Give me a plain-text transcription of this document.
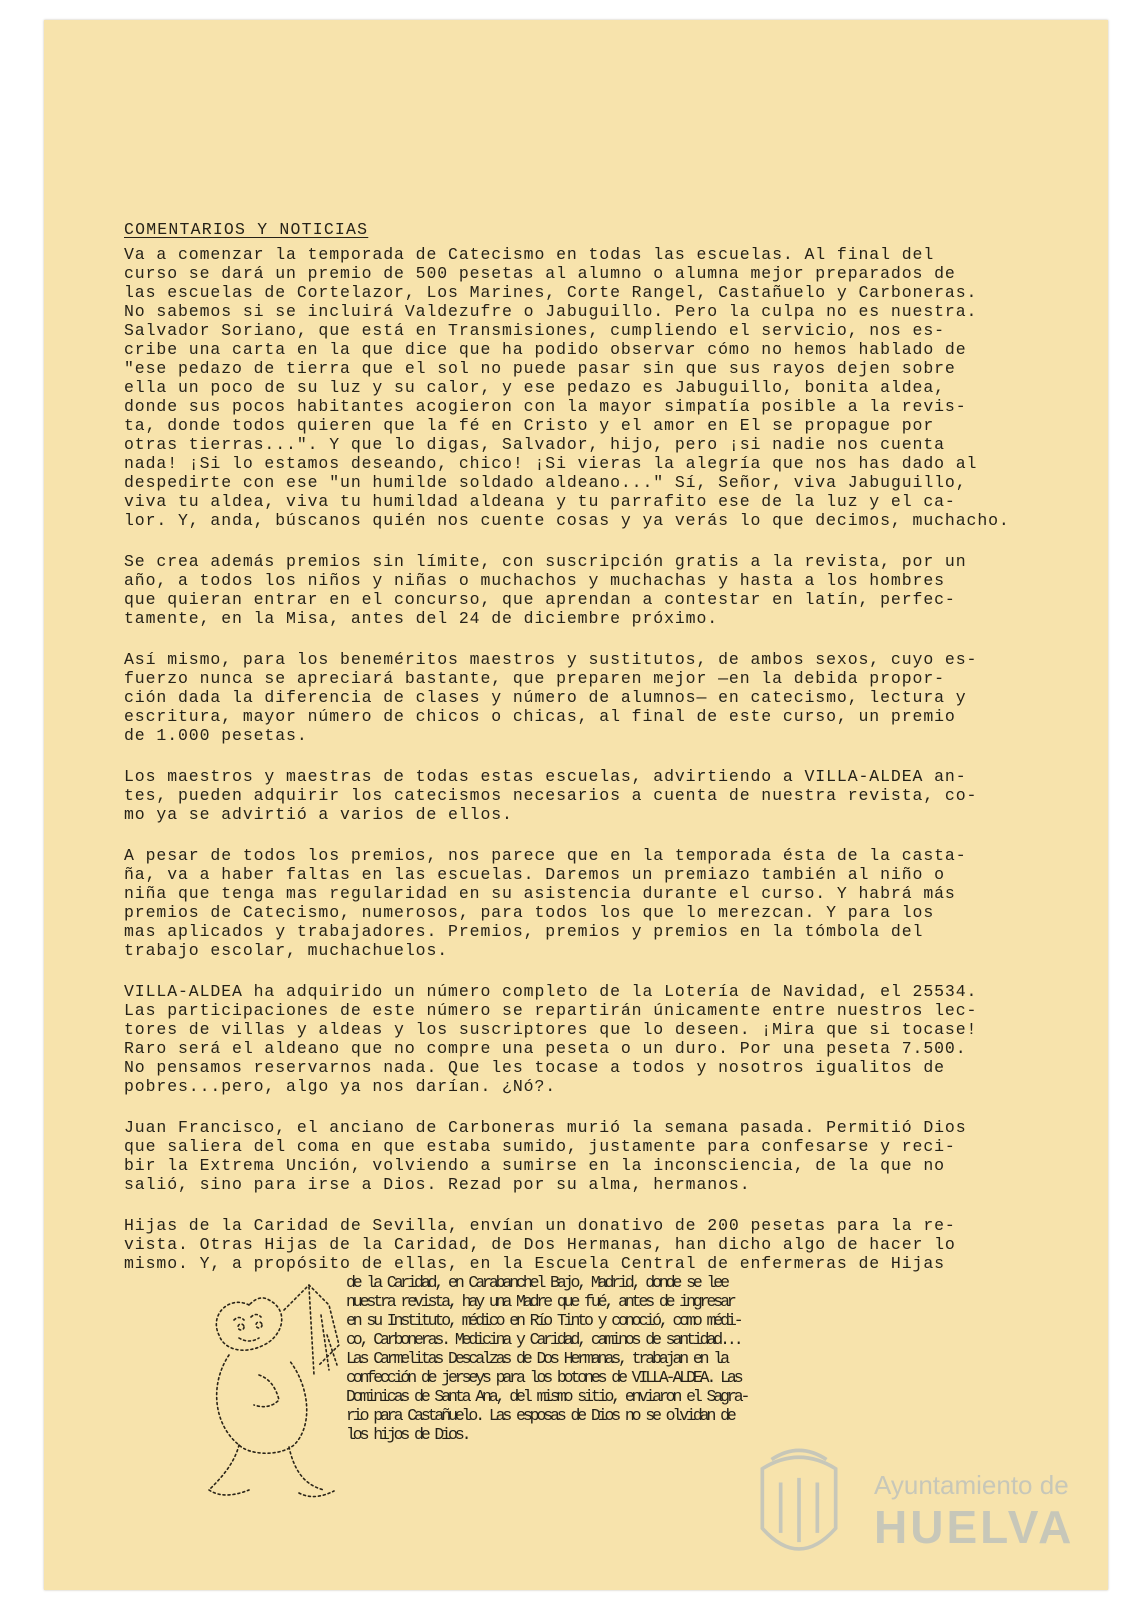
COMENTARIOS Y NOTICIAS
Va a comenzar la temporada de Catecismo en todas las escuelas. Al final del
curso se dará un premio de 500 pesetas al alumno o alumna mejor preparados de
las escuelas de Cortelazor, Los Marines, Corte Rangel, Castañuelo y Carboneras.
No sabemos si se incluirá Valdezufre o Jabuguillo. Pero la culpa no es nuestra.
Salvador Soriano, que está en Transmisiones, cumpliendo el servicio, nos es-
cribe una carta en la que dice que ha podido observar cómo no hemos hablado de
"ese pedazo de tierra que el sol no puede pasar sin que sus rayos dejen sobre
ella un poco de su luz y su calor, y ese pedazo es Jabuguillo, bonita aldea,
donde sus pocos habitantes acogieron con la mayor simpatía posible a la revis-
ta, donde todos quieren que la fé en Cristo y el amor en El se propague por
otras tierras...". Y que lo digas, Salvador, hijo, pero ¡si nadie nos cuenta
nada! ¡Si lo estamos deseando, chico! ¡Si vieras la alegría que nos has dado al
despedirte con ese "un humilde soldado aldeano..." Sí, Señor, viva Jabuguillo,
viva tu aldea, viva tu humildad aldeana y tu parrafito ese de la luz y el ca-
lor. Y, anda, búscanos quién nos cuente cosas y ya verás lo que decimos, muchacho.
Se crea además premios sin límite, con suscripción gratis a la revista, por un
año, a todos los niños y niñas o muchachos y muchachas y hasta a los hombres
que quieran entrar en el concurso, que aprendan a contestar en latín, perfec-
tamente, en la Misa, antes del 24 de diciembre próximo.
Así mismo, para los beneméritos maestros y sustitutos, de ambos sexos, cuyo es-
fuerzo nunca se apreciará bastante, que preparen mejor —en la debida propor-
ción dada la diferencia de clases y número de alumnos— en catecismo, lectura y
escritura, mayor número de chicos o chicas, al final de este curso, un premio
de 1.000 pesetas.
Los maestros y maestras de todas estas escuelas, advirtiendo a VILLA-ALDEA an-
tes, pueden adquirir los catecismos necesarios a cuenta de nuestra revista, co-
mo ya se advirtió a varios de ellos.
A pesar de todos los premios, nos parece que en la temporada ésta de la casta-
ña, va a haber faltas en las escuelas. Daremos un premiazo también al niño o
niña que tenga mas regularidad en su asistencia durante el curso. Y habrá más
premios de Catecismo, numerosos, para todos los que lo merezcan. Y para los
mas aplicados y trabajadores. Premios, premios y premios en la tómbola del
trabajo escolar, muchachuelos.
VILLA-ALDEA ha adquirido un número completo de la Lotería de Navidad, el 25534.
Las participaciones de este número se repartirán únicamente entre nuestros lec-
tores de villas y aldeas y los suscriptores que lo deseen. ¡Mira que si tocase!
Raro será el aldeano que no compre una peseta o un duro. Por una peseta 7.500.
No pensamos reservarnos nada. Que les tocase a todos y nosotros igualitos de
pobres...pero, algo ya nos darían. ¿Nó?.
Juan Francisco, el anciano de Carboneras murió la semana pasada. Permitió Dios
que saliera del coma en que estaba sumido, justamente para confesarse y reci-
bir la Extrema Unción, volviendo a sumirse en la inconsciencia, de la que no
salió, sino para irse a Dios. Rezad por su alma, hermanos.
Hijas de la Caridad de Sevilla, envían un donativo de 200 pesetas para la re-
vista. Otras Hijas de la Caridad, de Dos Hermanas, han dicho algo de hacer lo
mismo. Y, a propósito de ellas, en la Escuela Central de enfermeras de Hijas
de la Caridad, en Carabanchel Bajo, Madrid, donde se lee
nuestra revista, hay una Madre que fué, antes de ingresar
en su Instituto, médico en Río Tinto y conoció, como médi-
co, Carboneras. Medicina y Caridad, caminos de santidad...
Las Carmelitas Descalzas de Dos Hermanas, trabajan en la
confección de jerseys para los botones de VILLA-ALDEA. Las
Dominicas de Santa Ana, del mismo sitio, enviaron el Sagra-
rio para Castañuelo. Las esposas de Dios no se olvidan de
los hijos de Dios.
Ayuntamiento de
HUELVA
